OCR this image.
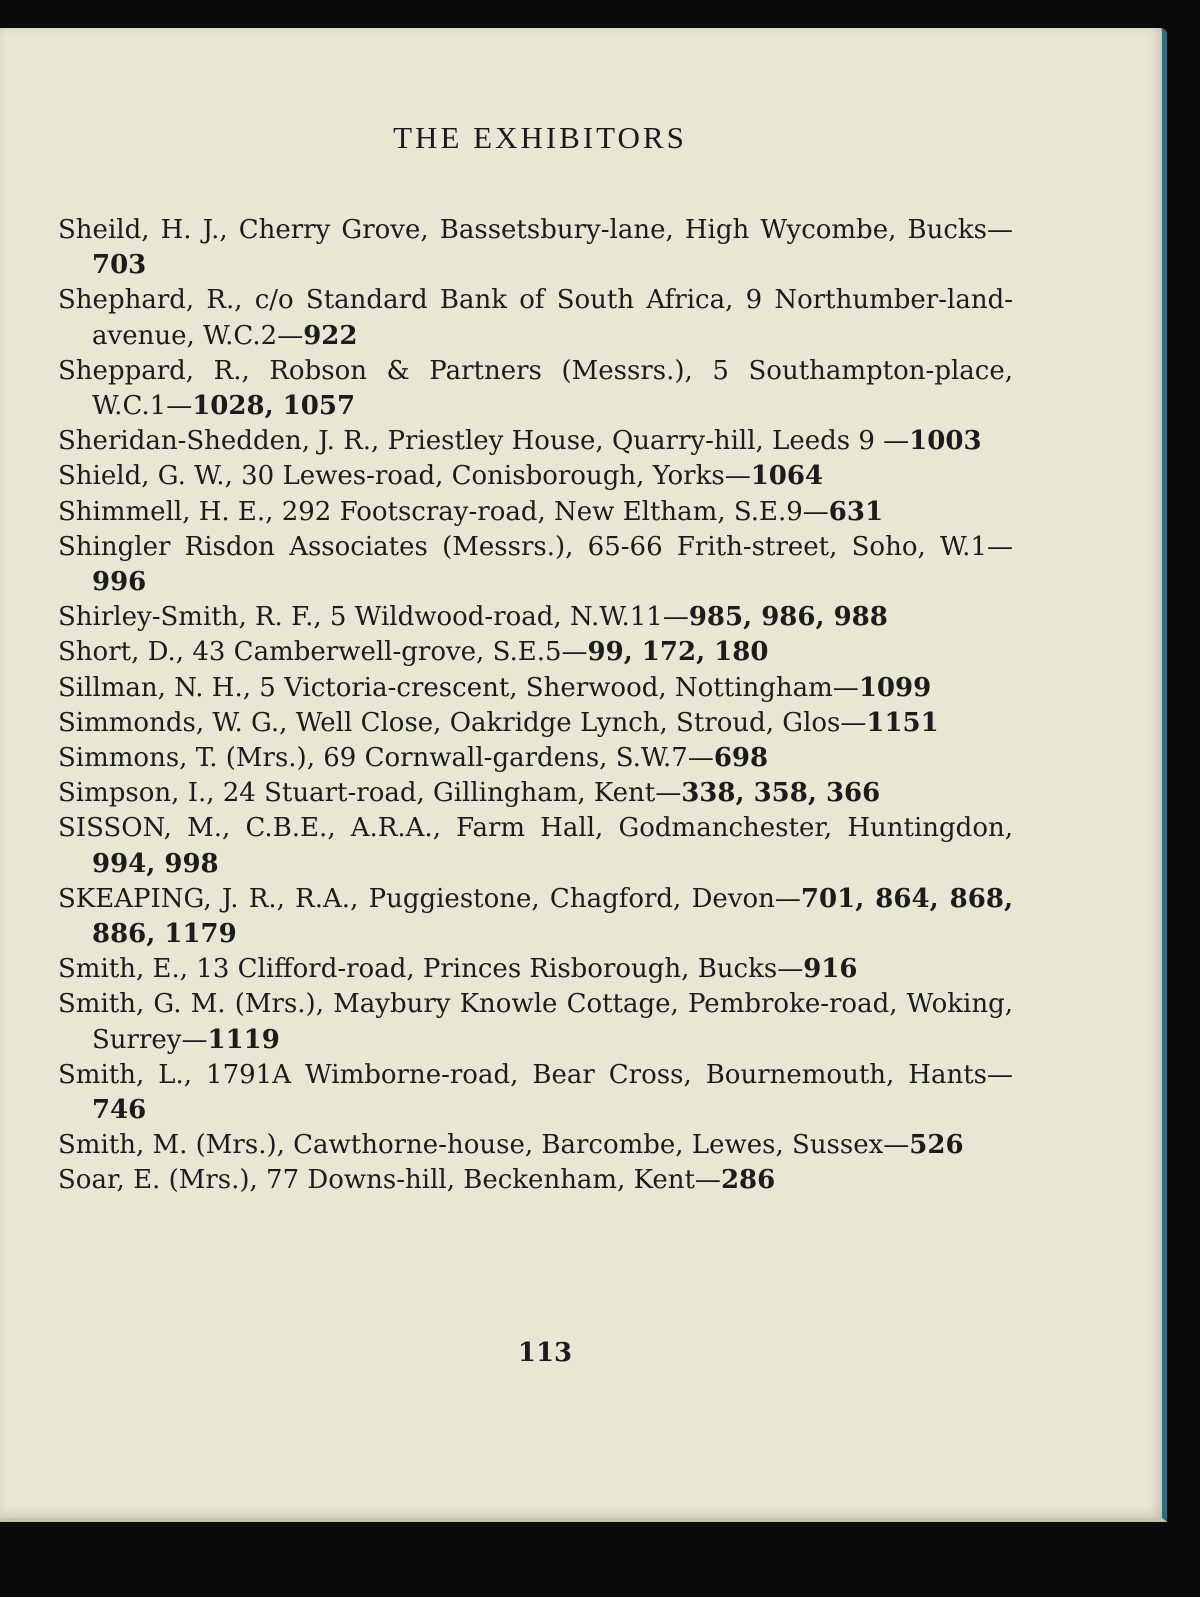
THE EXHIBITORS
Sheild, H. J., Cherry Grove, Bassetsbury-lane, High Wycombe, Bucks—703
Shephard, R., c/o Standard Bank of South Africa, 9 Northumber-land-avenue, W.C.2—922
Sheppard, R., Robson & Partners (Messrs.), 5 Southampton-place, W.C.1—1028, 1057
Sheridan-Shedden, J. R., Priestley House, Quarry-hill, Leeds 9 —1003
Shield, G. W., 30 Lewes-road, Conisborough, Yorks—1064
Shimmell, H. E., 292 Footscray-road, New Eltham, S.E.9—631
Shingler Risdon Associates (Messrs.), 65-66 Frith-street, Soho, W.1—996
Shirley-Smith, R. F., 5 Wildwood-road, N.W.11—985, 986, 988
Short, D., 43 Camberwell-grove, S.E.5—99, 172, 180
Sillman, N. H., 5 Victoria-crescent, Sherwood, Nottingham—1099
Simmonds, W. G., Well Close, Oakridge Lynch, Stroud, Glos—1151
Simmons, T. (Mrs.), 69 Cornwall-gardens, S.W.7—698
Simpson, I., 24 Stuart-road, Gillingham, Kent—338, 358, 366
SISSON, M., C.B.E., A.R.A., Farm Hall, Godmanchester, Huntingdon, 994, 998
SKEAPING, J. R., R.A., Puggiestone, Chagford, Devon—701, 864, 868, 886, 1179
Smith, E., 13 Clifford-road, Princes Risborough, Bucks—916
Smith, G. M. (Mrs.), Maybury Knowle Cottage, Pembroke-road, Woking, Surrey—1119
Smith, L., 1791A Wimborne-road, Bear Cross, Bournemouth, Hants—746
Smith, M. (Mrs.), Cawthorne-house, Barcombe, Lewes, Sussex—526
Soar, E. (Mrs.), 77 Downs-hill, Beckenham, Kent—286
113
